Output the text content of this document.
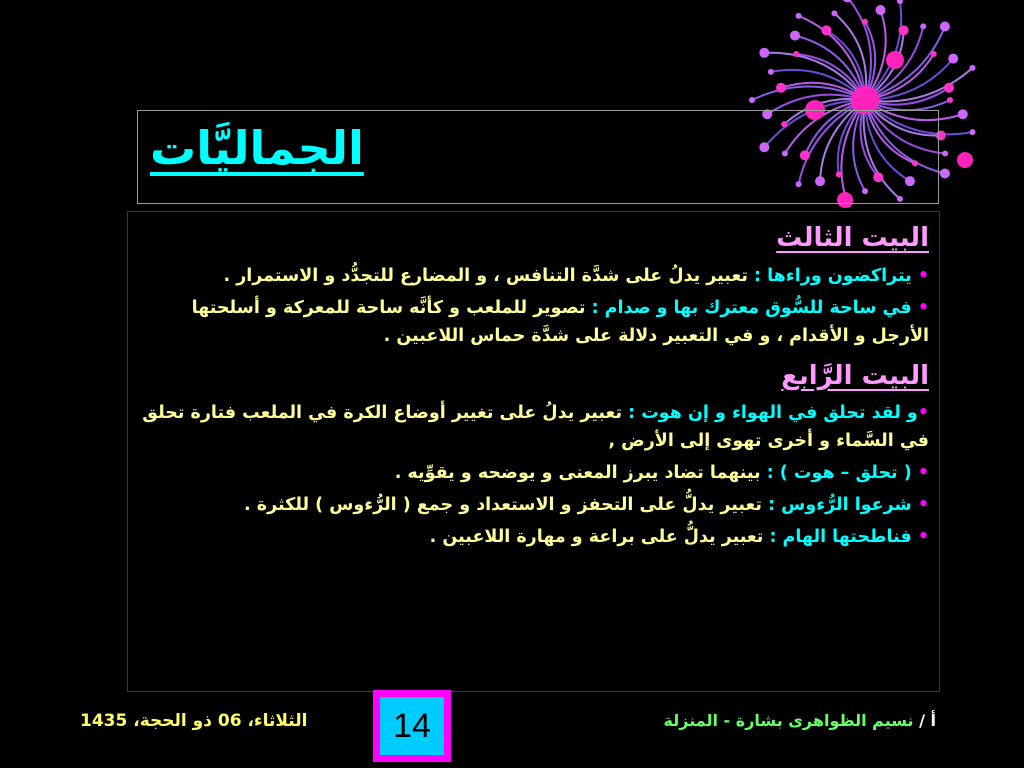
الجماليَّات

البيت الثالث

• يتراكضون وراءها : تعبير يدلُ على شدَّة التنافس ، و المضارع للتجدُّد و الاستمرار .

• في ساحة للسُّوق معترك بها و صدام : تصوير للملعب و كأنَّه ساحة للمعركة و أسلحتها الأرجل و الأقدام ، و في التعبير دلالة على شدَّة حماس اللاعبين .

البيت الرَّابع

•و لقد تحلق في الهواء و إن هوت : تعبير يدلُ على تغيير أوضاع الكرة في الملعب فتارة تحلق في السَّماء و أخرى تهوى إلى الأرض ,

• ( تحلق – هوت ) : بينهما تضاد يبرز المعنى و يوضحه و يقوِّيه .

• شرعوا الرُّءوس : تعبير يدلُّ على التحفز و الاستعداد و جمع ( الرُّءوس ) للكثرة .

• فناطحتها الهام : تعبير يدلُّ على براعة و مهارة اللاعبين .

الثلاثاء، 06 ذو الحجة، 1435	14	أ / نسيم الظواهرى بشارة - المنزلة
